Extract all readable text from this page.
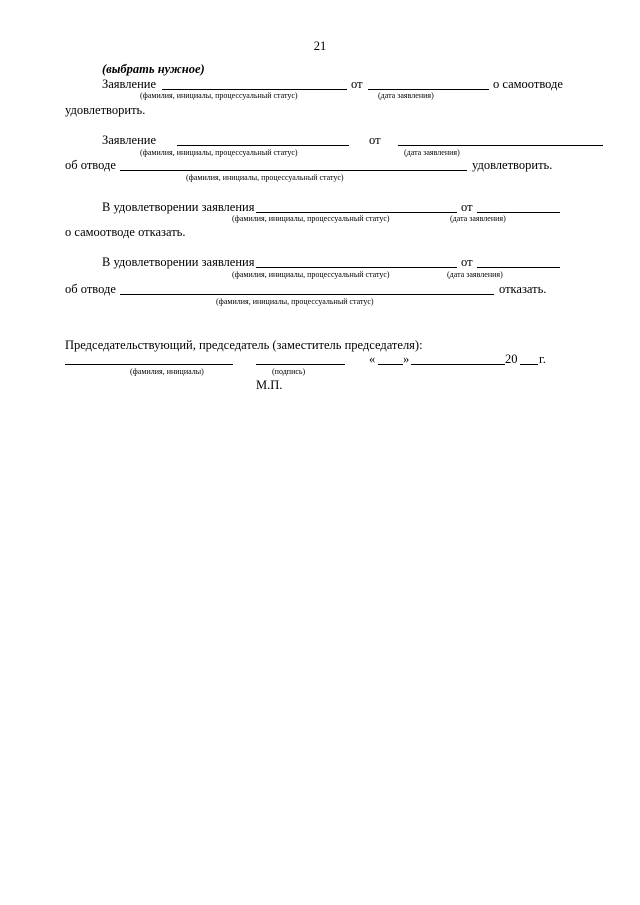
21
(выбрать нужное)
Заявление	от	о самоотводе
(фамилия, инициалы, процессуальный статус)	(дата заявления)
удовлетворить.
Заявление	от
(фамилия, инициалы, процессуальный статус)	(дата заявления)
об отводе	удовлетворить.
(фамилия, инициалы, процессуальный статус)
В удовлетворении заявления	от
(фамилия, инициалы, процессуальный статус)	(дата заявления)
о самоотводе отказать.
В удовлетворении заявления	от
(фамилия, инициалы, процессуальный статус)	(дата заявления)
об отводе	отказать.
(фамилия, инициалы, процессуальный статус)
Председательствующий, председатель (заместитель председателя):
« »	20 г.
(фамилия, инициалы)	(подпись)
М.П.
